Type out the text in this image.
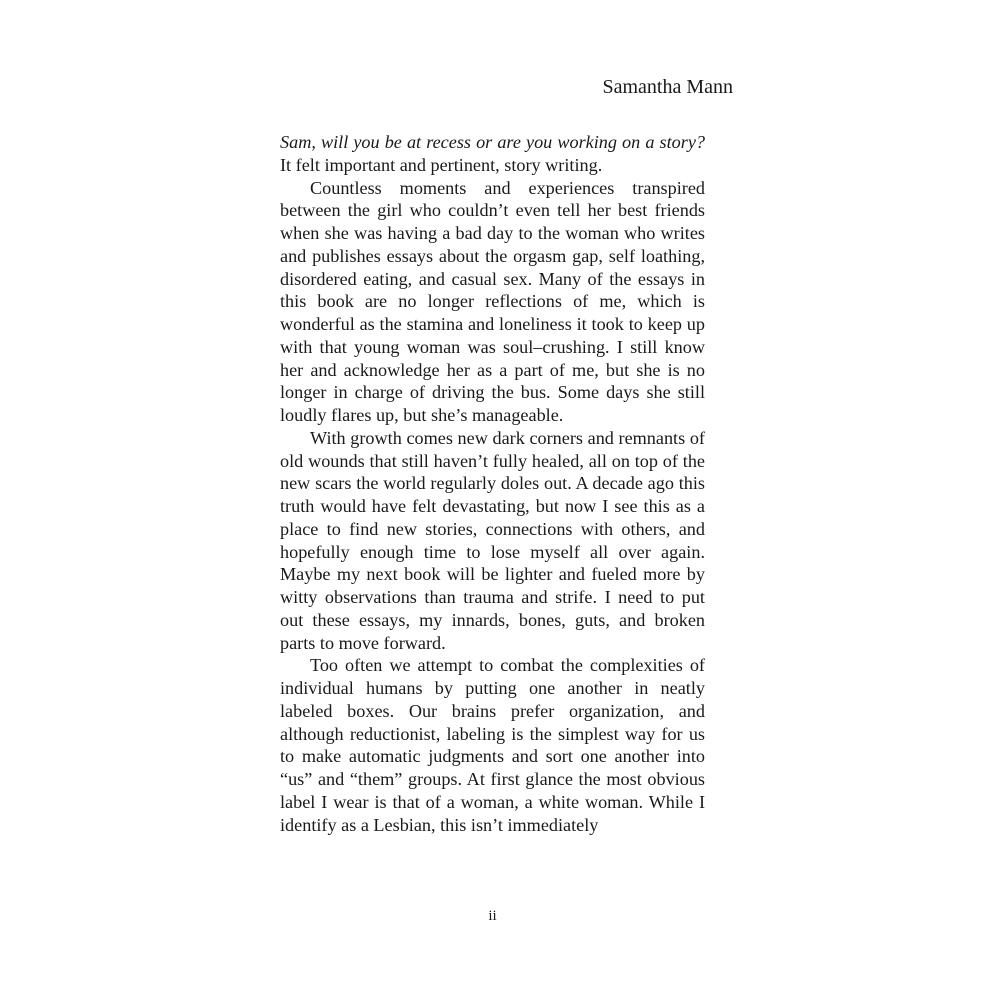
Samantha Mann

Sam, will you be at recess or are you working on a story? It felt important and pertinent, story writing.

Countless moments and experiences transpired between the girl who couldn’t even tell her best friends when she was having a bad day to the woman who writes and publishes essays about the orgasm gap, self loathing, disordered eating, and casual sex. Many of the essays in this book are no longer reflections of me, which is wonderful as the stamina and loneliness it took to keep up with that young woman was soul–crushing. I still know her and acknowledge her as a part of me, but she is no longer in charge of driving the bus. Some days she still loudly flares up, but she’s manageable.

With growth comes new dark corners and remnants of old wounds that still haven’t fully healed, all on top of the new scars the world regularly doles out. A decade ago this truth would have felt devastating, but now I see this as a place to find new stories, connections with others, and hopefully enough time to lose myself all over again. Maybe my next book will be lighter and fueled more by witty observations than trauma and strife. I need to put out these essays, my innards, bones, guts, and broken parts to move forward.

Too often we attempt to combat the complexities of individual humans by putting one another in neatly labeled boxes. Our brains prefer organization, and although reductionist, labeling is the simplest way for us to make automatic judgments and sort one another into “us” and “them” groups. At first glance the most obvious label I wear is that of a woman, a white woman. While I identify as a Lesbian, this isn’t immediately

ii
